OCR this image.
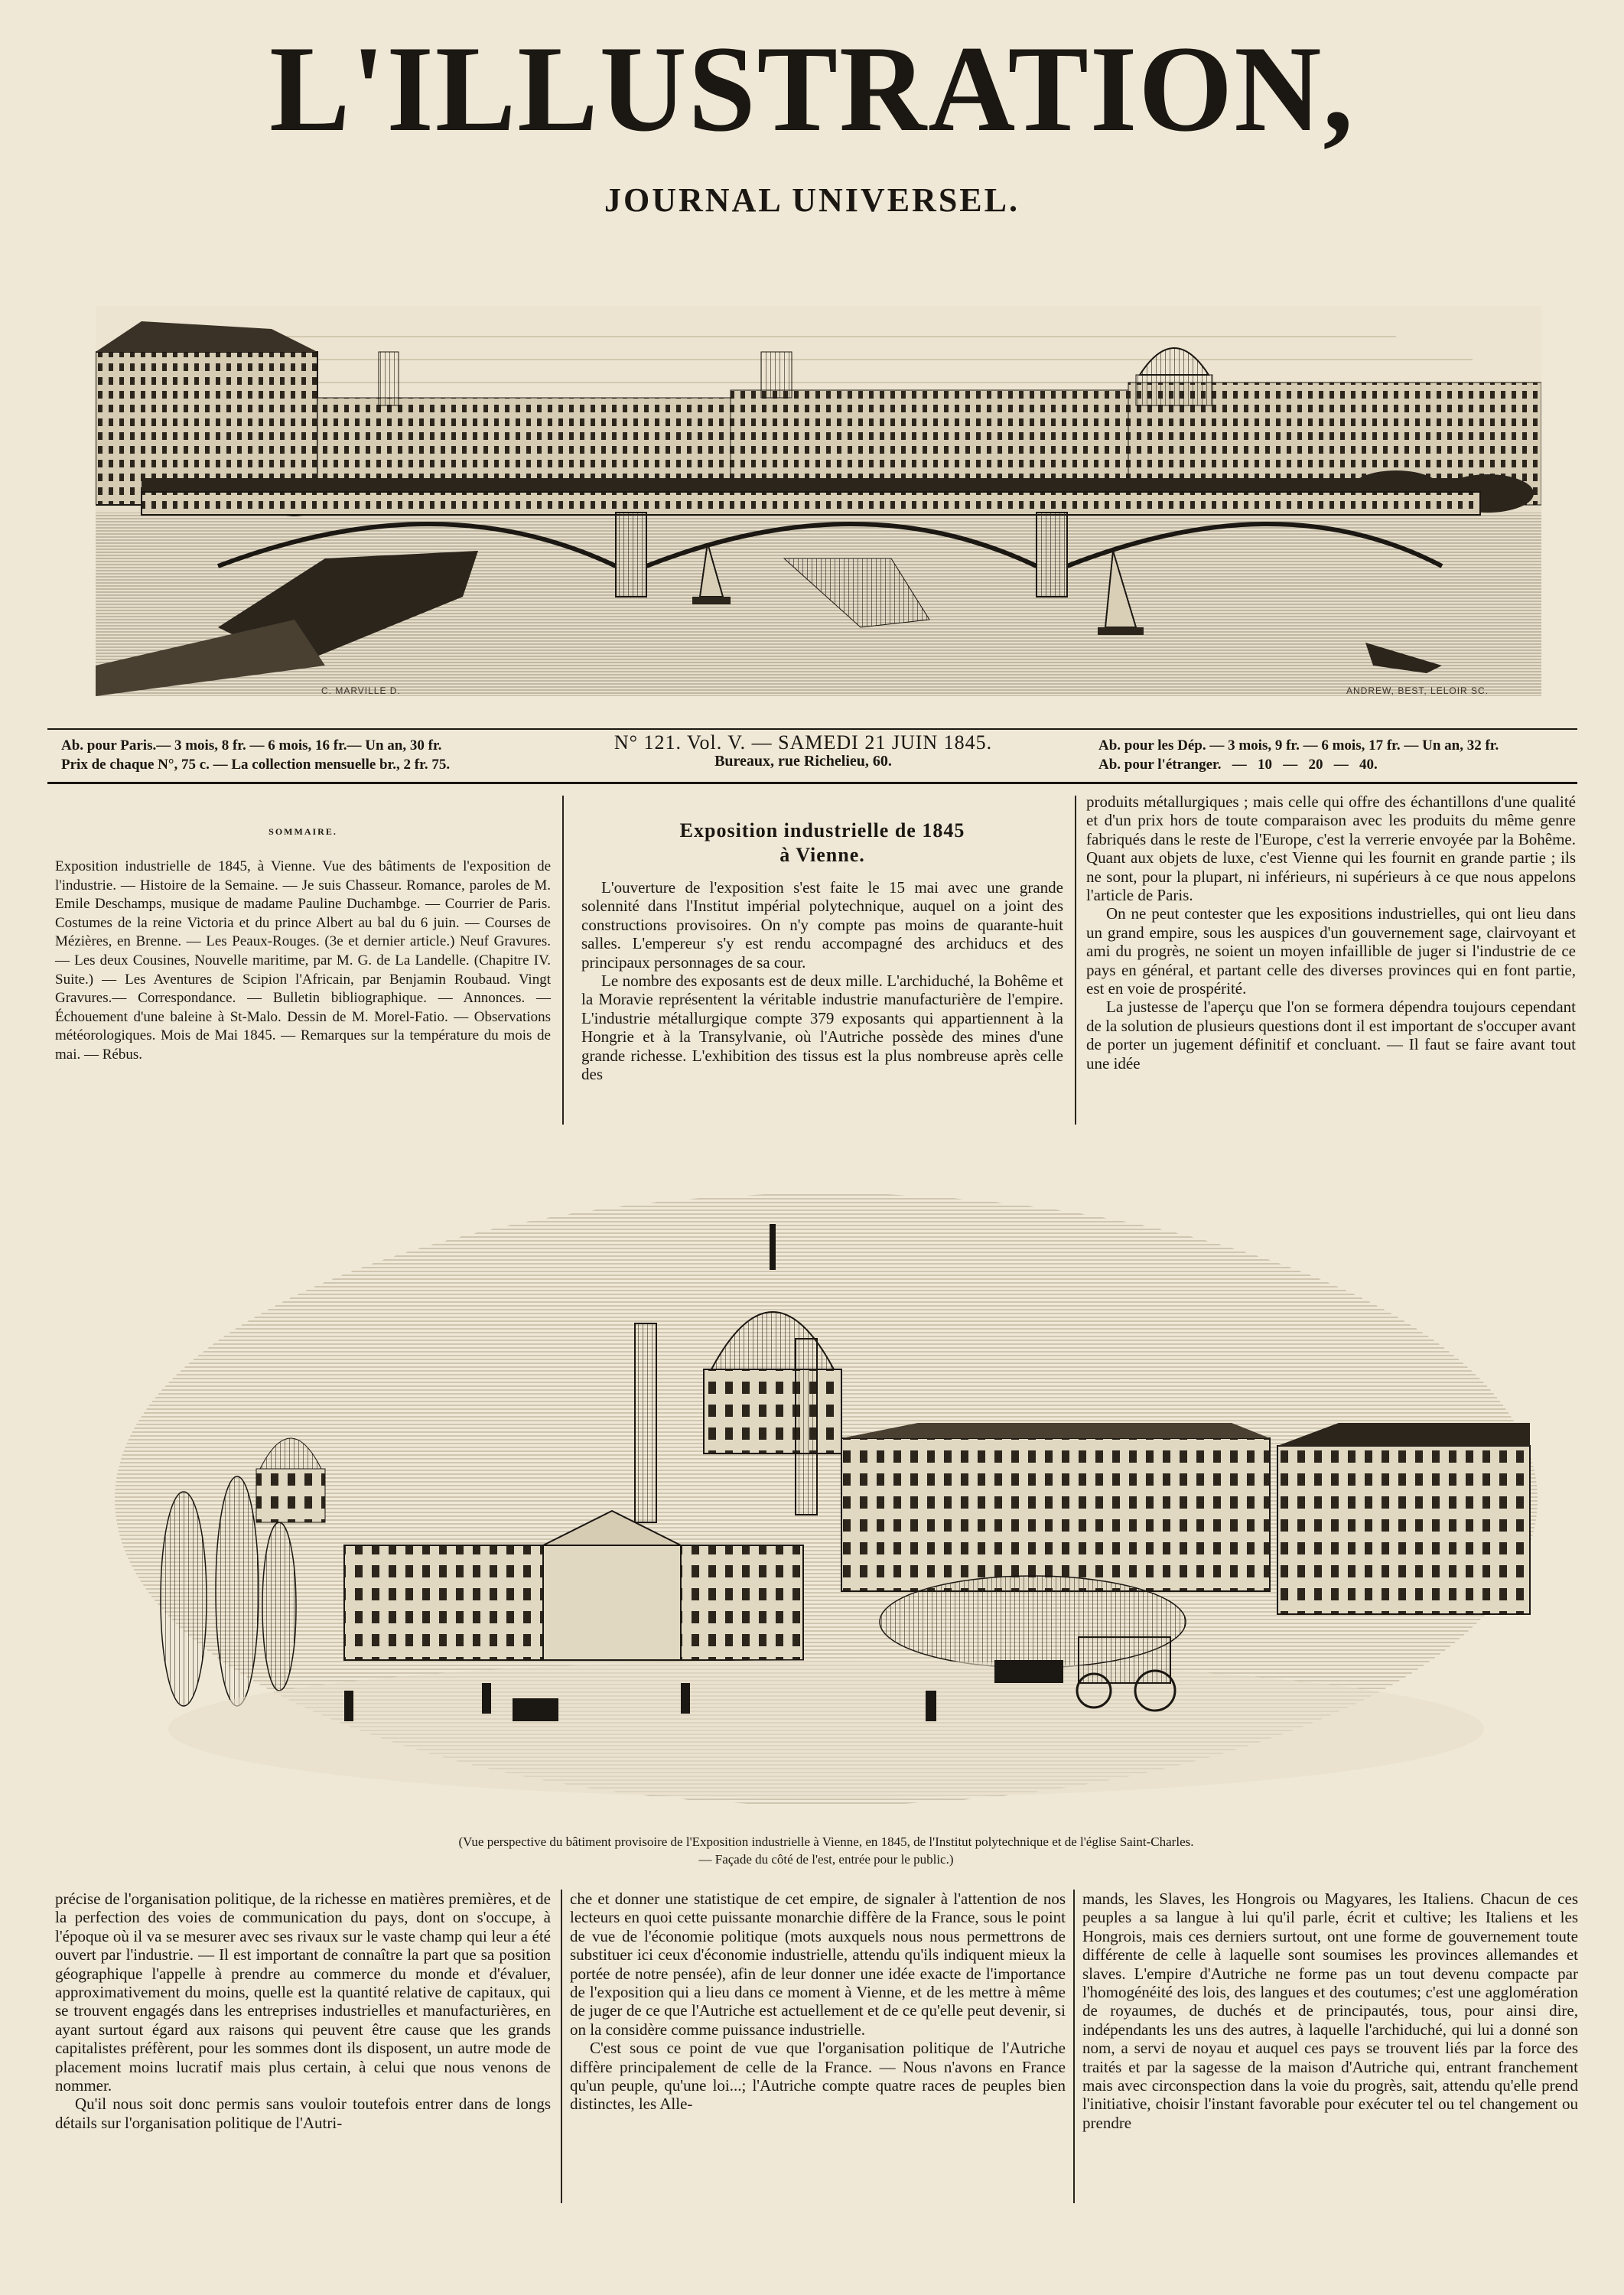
L'ILLUSTRATION,
JOURNAL UNIVERSEL.
C. MARVILLE D.	ANDREW, BEST, LELOIR SC.
Ab. pour Paris.— 3 mois, 8 fr. — 6 mois, 16 fr.— Un an, 30 fr.
Prix de chaque N°, 75 c. — La collection mensuelle br., 2 fr. 75.
N° 121. Vol. V. — SAMEDI 21 JUIN 1845.
Bureaux, rue Richelieu, 60.
Ab. pour les Dép. — 3 mois, 9 fr. — 6 mois, 17 fr. — Un an, 32 fr.
Ab. pour l'étranger.   —   10   —   20   —   40.
SOMMAIRE.
Exposition industrielle de 1845, à Vienne. Vue des bâtiments de l'exposition de l'industrie. — Histoire de la Semaine. — Je suis Chasseur. Romance, paroles de M. Emile Deschamps, musique de madame Pauline Duchambge. — Courrier de Paris. Costumes de la reine Victoria et du prince Albert au bal du 6 juin. — Courses de Mézières, en Brenne. — Les Peaux-Rouges. (3e et dernier article.) Neuf Gravures. — Les deux Cousines, Nouvelle maritime, par M. G. de La Landelle. (Chapitre IV. Suite.) — Les Aventures de Scipion l'Africain, par Benjamin Roubaud. Vingt Gravures.— Correspondance. — Bulletin bibliographique. — Annonces. — Échouement d'une baleine à St-Malo. Dessin de M. Morel-Fatio. — Observations météorologiques. Mois de Mai 1845. — Remarques sur la température du mois de mai. — Rébus.
Exposition industrielle de 1845
à Vienne.

L'ouverture de l'exposition s'est faite le 15 mai avec une grande solennité dans l'Institut impérial polytechnique, auquel on a joint des constructions provisoires. On n'y compte pas moins de quarante-huit salles. L'empereur s'y est rendu accompagné des archiducs et des principaux personnages de sa cour.

Le nombre des exposants est de deux mille. L'archiduché, la Bohême et la Moravie représentent la véritable industrie manufacturière de l'empire. L'industrie métallurgique compte 379 exposants qui appartiennent à la Hongrie et à la Transylvanie, où l'Autriche possède des mines d'une grande richesse. L'exhibition des tissus est la plus nombreuse après celle des

produits métallurgiques ; mais celle qui offre des échantillons d'une qualité et d'un prix hors de toute comparaison avec les produits du même genre fabriqués dans le reste de l'Europe, c'est la verrerie envoyée par la Bohême. Quant aux objets de luxe, c'est Vienne qui les fournit en grande partie ; ils ne sont, pour la plupart, ni inférieurs, ni supérieurs à ce que nous appelons l'article de Paris.

On ne peut contester que les expositions industrielles, qui ont lieu dans un grand empire, sous les auspices d'un gouvernement sage, clairvoyant et ami du progrès, ne soient un moyen infaillible de juger si l'industrie de ce pays en général, et partant celle des diverses provinces qui en font partie, est en voie de prospérité.

La justesse de l'aperçu que l'on se formera dépendra toujours cependant de la solution de plusieurs questions dont il est important de s'occuper avant de porter un jugement définitif et concluant. — Il faut se faire avant tout une idée

(Vue perspective du bâtiment provisoire de l'Exposition industrielle à Vienne, en 1845, de l'Institut polytechnique et de l'église Saint-Charles.
— Façade du côté de l'est, entrée pour le public.)

précise de l'organisation politique, de la richesse en matières premières, et de la perfection des voies de communication du pays, dont on s'occupe, à l'époque où il va se mesurer avec ses rivaux sur le vaste champ qui leur a été ouvert par l'industrie. — Il est important de connaître la part que sa position géographique l'appelle à prendre au commerce du monde et d'évaluer, approximativement du moins, quelle est la quantité relative de capitaux, qui se trouvent engagés dans les entreprises industrielles et manufacturières, en ayant surtout égard aux raisons qui peuvent être cause que les grands capitalistes préfèrent, pour les sommes dont ils disposent, un autre mode de placement moins lucratif mais plus certain, à celui que nous venons de nommer.

Qu'il nous soit donc permis sans vouloir toutefois entrer dans de longs détails sur l'organisation politique de l'Autri-

che et donner une statistique de cet empire, de signaler à l'attention de nos lecteurs en quoi cette puissante monarchie diffère de la France, sous le point de vue de l'économie politique (mots auxquels nous nous permettrons de substituer ici ceux d'économie industrielle, attendu qu'ils indiquent mieux la portée de notre pensée), afin de leur donner une idée exacte de l'importance de l'exposition qui a lieu dans ce moment à Vienne, et de les mettre à même de juger de ce que l'Autriche est actuellement et de ce qu'elle peut devenir, si on la considère comme puissance industrielle.

C'est sous ce point de vue que l'organisation politique de l'Autriche diffère principalement de celle de la France. — Nous n'avons en France qu'un peuple, qu'une loi...; l'Autriche compte quatre races de peuples bien distinctes, les Alle-

mands, les Slaves, les Hongrois ou Magyares, les Italiens. Chacun de ces peuples a sa langue à lui qu'il parle, écrit et cultive; les Italiens et les Hongrois, mais ces derniers surtout, ont une forme de gouvernement toute différente de celle à laquelle sont soumises les provinces allemandes et slaves. L'empire d'Autriche ne forme pas un tout devenu compacte par l'homogénéité des lois, des langues et des coutumes; c'est une agglomération de royaumes, de duchés et de principautés, tous, pour ainsi dire, indépendants les uns des autres, à laquelle l'archiduché, qui lui a donné son nom, a servi de noyau et auquel ces pays se trouvent liés par la force des traités et par la sagesse de la maison d'Autriche qui, entrant franchement mais avec circonspection dans la voie du progrès, sait, attendu qu'elle prend l'initiative, choisir l'instant favorable pour exécuter tel ou tel changement ou prendre
